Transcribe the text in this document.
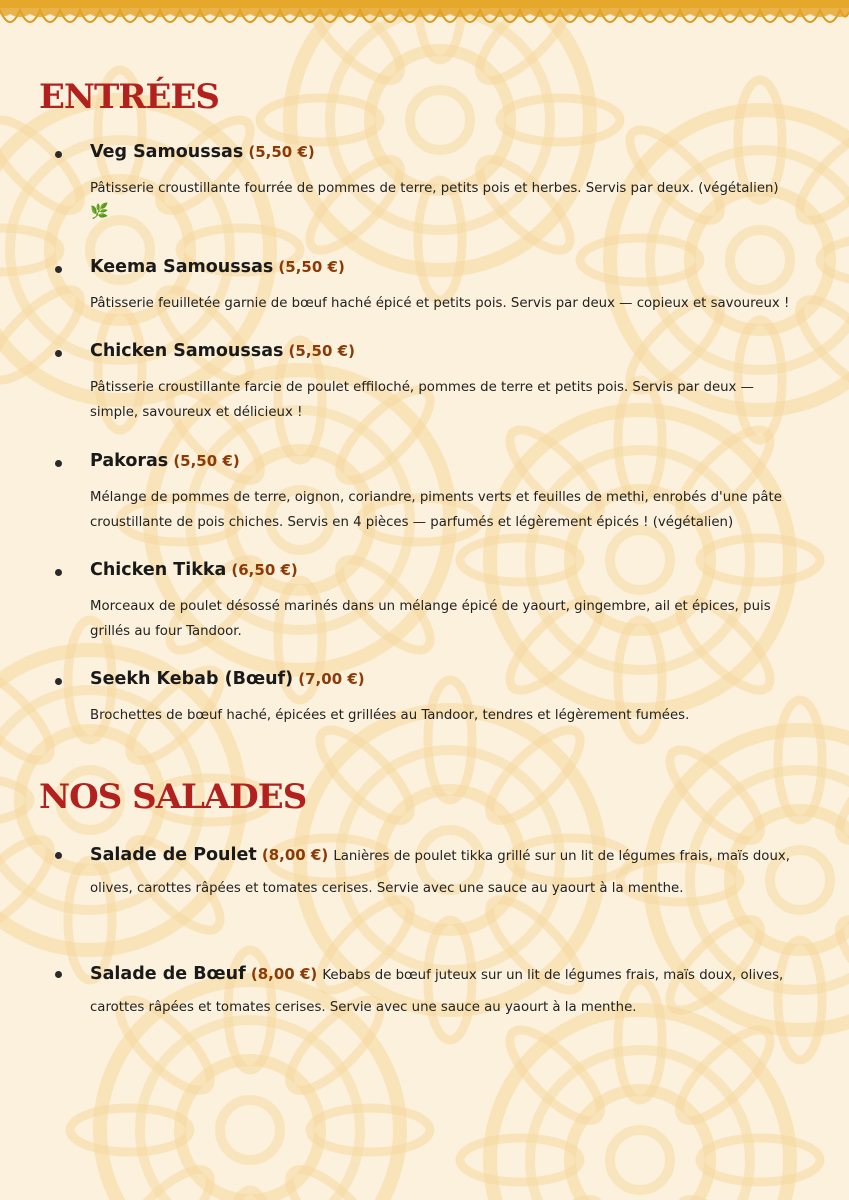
ENTRÉES
Veg Samoussas (5,50 €)

Pâtisserie croustillante fourrée de pommes de terre, petits pois et herbes. Servis par deux. (végétalien)
🌿

Keema Samoussas (5,50 €)

Pâtisserie feuilletée garnie de bœuf haché épicé et petits pois. Servis par deux — copieux et savoureux !

Chicken Samoussas (5,50 €)

Pâtisserie croustillante farcie de poulet effiloché, pommes de terre et petits pois. Servis par deux — simple, savoureux et délicieux !

Pakoras (5,50 €)

Mélange de pommes de terre, oignon, coriandre, piments verts et feuilles de methi, enrobés d'une pâte croustillante de pois chiches. Servis en 4 pièces — parfumés et légèrement épicés ! (végétalien)

Chicken Tikka (6,50 €)

Morceaux de poulet désossé marinés dans un mélange épicé de yaourt, gingembre, ail et épices, puis grillés au four Tandoor.

Seekh Kebab (Bœuf) (7,00 €)

Brochettes de bœuf haché, épicées et grillées au Tandoor, tendres et légèrement fumées.

NOS SALADES

Salade de Poulet (8,00 €) Lanières de poulet tikka grillé sur un lit de légumes frais, maïs doux, olives, carottes râpées et tomates cerises. Servie avec une sauce au yaourt à la menthe.

Salade de Bœuf (8,00 €) Kebabs de bœuf juteux sur un lit de légumes frais, maïs doux, olives, carottes râpées et tomates cerises. Servie avec une sauce au yaourt à la menthe.
